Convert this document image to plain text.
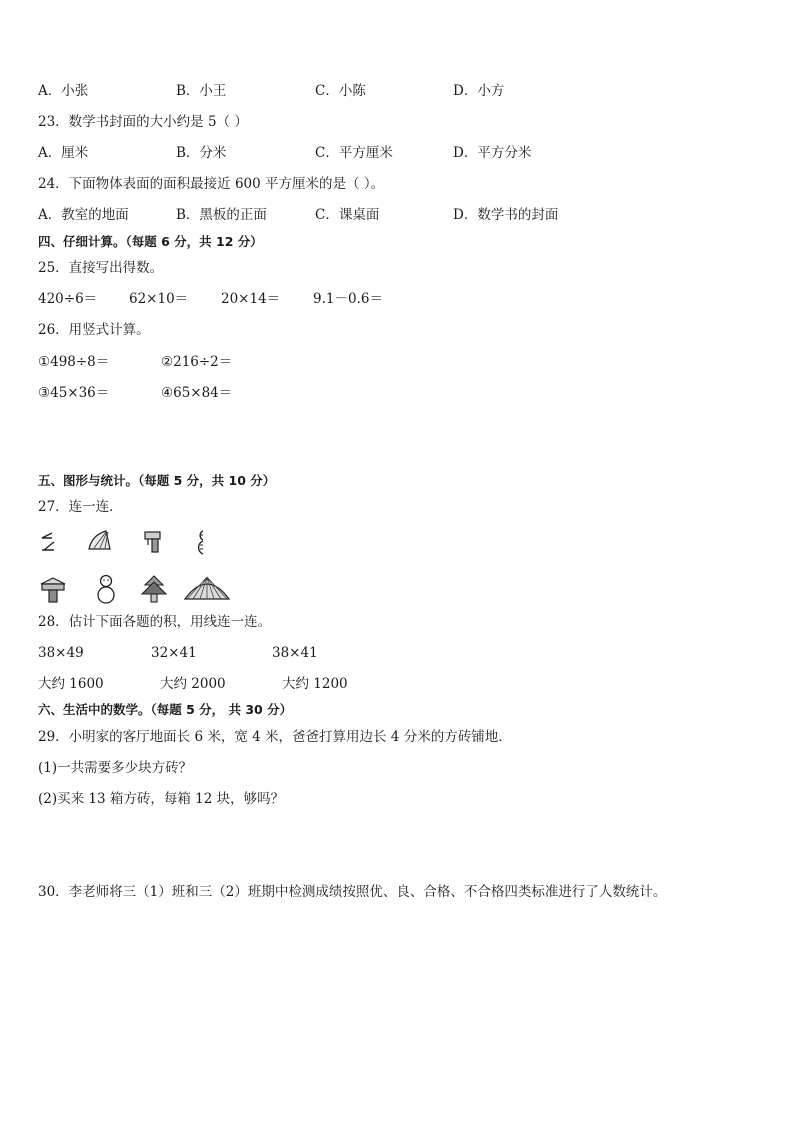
A．小张	B．小王	C．小陈	D．小方
23．数学书封面的大小约是 5（ ）
A．厘米	B．分米	C．平方厘米	D．平方分米
24．下面物体表面的面积最接近 600 平方厘米的是（ ）。
A．教室的地面	B．黑板的正面	C．课桌面	D．数学书的封面
四、仔细计算。（每题 6 分，共 12 分）
25．直接写出得数。
420÷6＝ 62×10＝ 20×14＝ 9.1－0.6＝
26．用竖式计算。
①498÷8＝	②216÷2＝
③45×36＝	④65×84＝
五、图形与统计。（每题 5 分，共 10 分）
27．连一连．
28．估计下面各题的积，用线连一连。
38×49	32×41	38×41
大约 1600	大约 2000	大约 1200
六、生活中的数学。（每题 5 分， 共 30 分）
29．小明家的客厅地面长 6 米，宽 4 米，爸爸打算用边长 4 分米的方砖铺地．
(1)一共需要多少块方砖？
(2)买来 13 箱方砖，每箱 12 块，够吗？
30．李老师将三（1）班和三（2）班期中检测成绩按照优、良、合格、不合格四类标准进行了人数统计。
